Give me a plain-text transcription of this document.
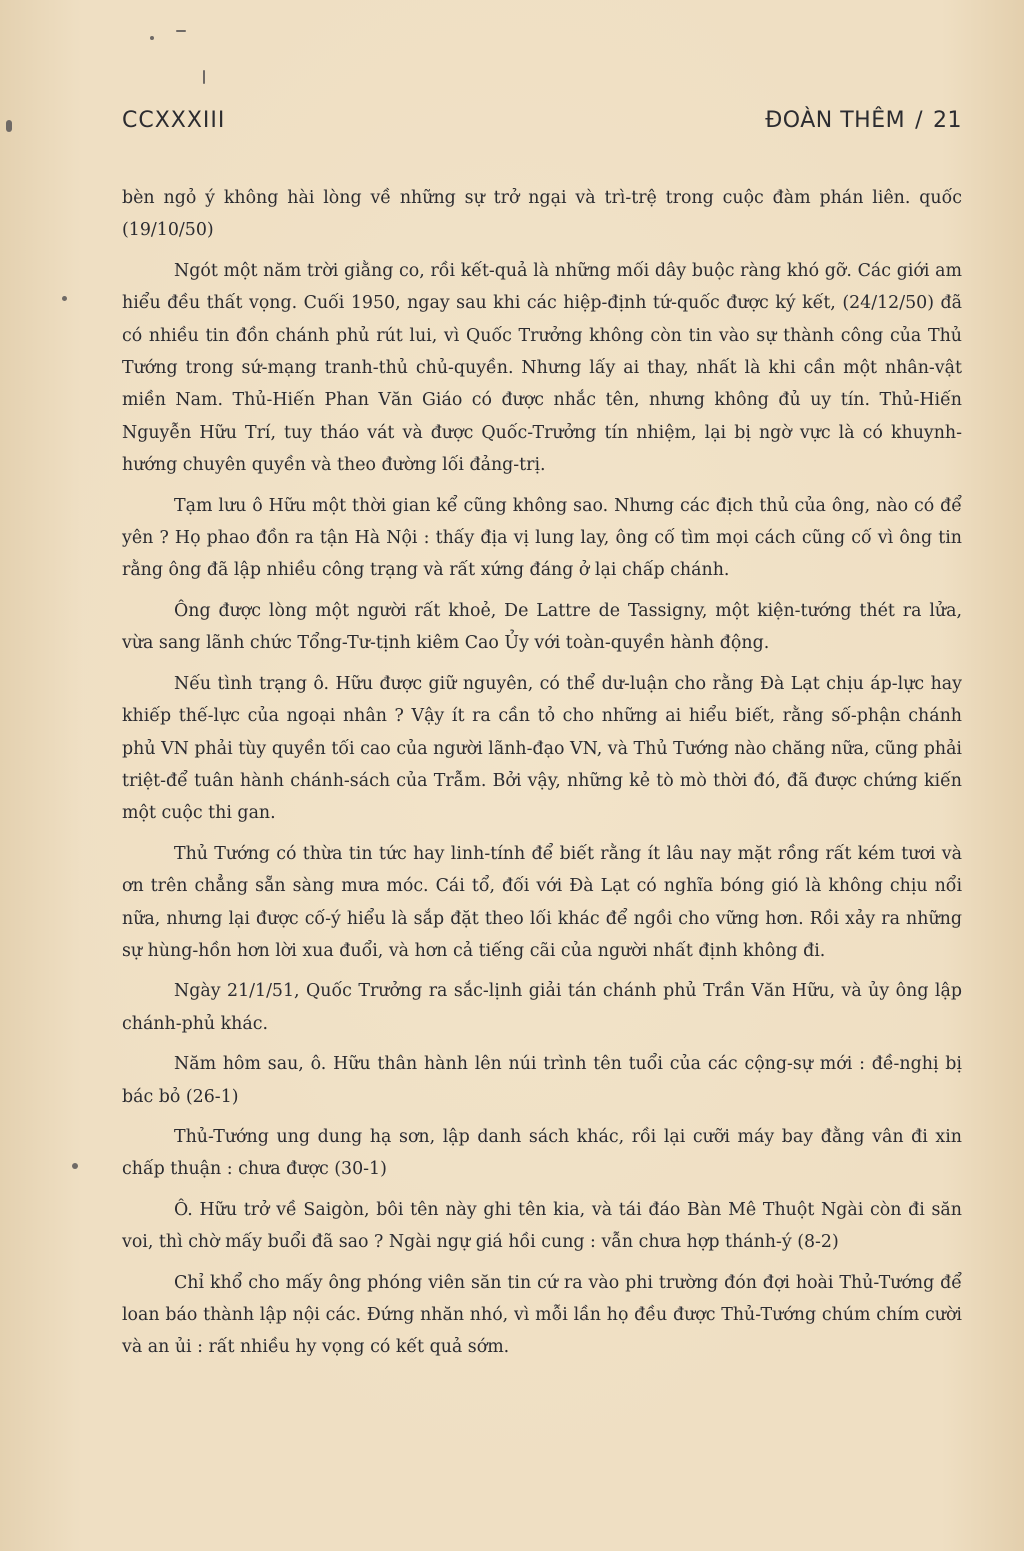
CCXXXIII	ĐOÀN THÊM / 21

bèn ngỏ ý không hài lòng về những sự trở ngại và trì-trệ trong cuộc đàm phán liên. quốc (19/10/50)

Ngót một năm trời giằng co, rồi kết-quả là những mối dây buộc ràng khó gỡ. Các giới am hiểu đều thất vọng. Cuối 1950, ngay sau khi các hiệp-định tứ-quốc được ký kết, (24/12/50) đã có nhiều tin đồn chánh phủ rút lui, vì Quốc Trưởng không còn tin vào sự thành công của Thủ Tướng trong sứ-mạng tranh-thủ chủ-quyền. Nhưng lấy ai thay, nhất là khi cần một nhân-vật miền Nam. Thủ-Hiến Phan Văn Giáo có được nhắc tên, nhưng không đủ uy tín. Thủ-Hiến Nguyễn Hữu Trí, tuy tháo vát và được Quốc-Trưởng tín nhiệm, lại bị ngờ vực là có khuynh-hướng chuyên quyền và theo đường lối đảng-trị.

Tạm lưu ô Hữu một thời gian kể cũng không sao. Nhưng các địch thủ của ông, nào có để yên ? Họ phao đồn ra tận Hà Nội : thấy địa vị lung lay, ông cố tìm mọi cách cũng cố vì ông tin rằng ông đã lập nhiều công trạng và rất xứng đáng ở lại chấp chánh.

Ông được lòng một người rất khoẻ, De Lattre de Tassigny, một kiện-tướng thét ra lửa, vừa sang lãnh chức Tổng-Tư-tịnh kiêm Cao Ủy với toàn-quyền hành động.

Nếu tình trạng ô. Hữu được giữ nguyên, có thể dư-luận cho rằng Đà Lạt chịu áp-lực hay khiếp thế-lực của ngoại nhân ? Vậy ít ra cần tỏ cho những ai hiểu biết, rằng số-phận chánh phủ VN phải tùy quyền tối cao của người lãnh-đạo VN, và Thủ Tướng nào chăng nữa, cũng phải triệt-để tuân hành chánh-sách của Trẫm. Bởi vậy, những kẻ tò mò thời đó, đã được chứng kiến một cuộc thi gan.

Thủ Tướng có thừa tin tức hay linh-tính để biết rằng ít lâu nay mặt rồng rất kém tươi và ơn trên chẳng sẵn sàng mưa móc. Cái tổ, đối với Đà Lạt có nghĩa bóng gió là không chịu nổi nữa, nhưng lại được cố-ý hiểu là sắp đặt theo lối khác để ngồi cho vững hơn. Rồi xảy ra những sự hùng-hồn hơn lời xua đuổi, và hơn cả tiếng cãi của người nhất định không đi.

Ngày 21/1/51, Quốc Trưởng ra sắc-lịnh giải tán chánh phủ Trần Văn Hữu, và ủy ông lập chánh-phủ khác.

Năm hôm sau, ô. Hữu thân hành lên núi trình tên tuổi của các cộng-sự mới : đề-nghị bị bác bỏ (26-1)

Thủ-Tướng ung dung hạ sơn, lập danh sách khác, rồi lại cưỡi máy bay đằng vân đi xin chấp thuận : chưa được (30-1)

Ô. Hữu trở về Saigòn, bôi tên này ghi tên kia, và tái đáo Bàn Mê Thuột Ngài còn đi săn voi, thì chờ mấy buổi đã sao ? Ngài ngự giá hồi cung : vẫn chưa hợp thánh-ý (8-2)

Chỉ khổ cho mấy ông phóng viên săn tin cứ ra vào phi trường đón đợi hoài Thủ-Tướng để loan báo thành lập nội các. Đứng nhăn nhó, vì mỗi lần họ đều được Thủ-Tướng chúm chím cười và an ủi : rất nhiều hy vọng có kết quả sớm.
